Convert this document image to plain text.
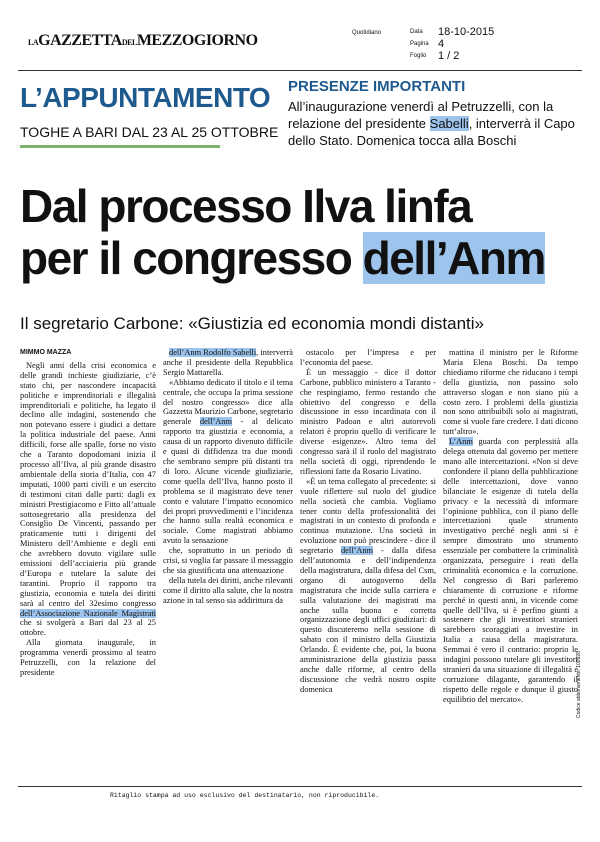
LAGAZZETTADELMEZZOGIORNO	Quotidiano	Data	18-10-2015
Pagina 4
Foglio	1 / 2
L’APPUNTAMENTO
TOGHE A BARI DAL 23 AL 25 OTTOBRE
PRESENZE IMPORTANTI
All’inaugurazione venerdì al Petruzzelli, con la relazione del presidente Sabelli, interverrà il Capo dello Stato. Domenica tocca alla Boschi
Dal processo Ilva linfa
per il congresso dell’Anm
Il segretario Carbone: «Giustizia ed economia mondi distanti»

MIMMO MAZZA

Negli anni della crisi economica e delle grandi inchieste giudiziarie, c’è stato chi, per nascondere incapacità politiche e imprenditoriali e illegalità imprenditoriali e politiche, ha legato il declino alle indagini, sostenendo che non potevano essere i giudici a dettare la politica industriale del paese. Anni difficili, forse alle spalle, forse no visto che a Taranto dopodomani inizia il processo all’Ilva, al più grande disastro ambientale della storia d’Italia, con 47 imputati, 1000 parti civili e un esercito di testimoni citati dalle parti: dagli ex ministri Prestigiacomo e Fitto all’attuale sottosegretario alla presidenza del Consiglio De Vincenti, passando per praticamente tutti i dirigenti del Ministero dell’Ambiente e degli enti che avrebbero dovuto vigilare sulle emissioni dell’acciaieria più grande d’Europa e tutelare la salute dei tarantini. Proprio il rapporto tra giustizia, economia e tutela dei diritti sarà al centro del 32esimo congresso dell’Associazione Nazionale Magistrati che si svolgerà a Bari dal 23 al 25 ottobre.

Alla giornata inaugurale, in programma venerdì prossimo al teatro Petruzzelli, con la relazione del presidente

dell’Anm Rodolfo Sabelli, interverrà anche il presidente della Repubblica Sergio Mattarella.

«Abbiamo dedicato il titolo e il tema centrale, che occupa la prima sessione del nostro congresso» dice alla Gazzetta Maurizio Carbone, segretario generale dell’Anm - al delicato rapporto tra giustizia e economia, a causa di un rapporto divenuto difficile e quasi di diffidenza tra due mondi che sembrano sempre più distanti tra di loro. Alcune vicende giudiziarie, come quella dell’Ilva, hanno posto il problema se il magistrato deve tener conto e valutare l’impatto economico dei propri provvedimenti e l’incidenza che hanno sulla realtà economica e sociale. Come magistrati abbiamo avuto la sensazione

che, soprattutto in un periodo di crisi, si voglia far passare il messaggio che sia giustificata una attenuazione

della tutela dei diritti, anche rilevanti come il diritto alla salute, che la nostra azione in tal senso sia addirittura da

ostacolo per l’impresa e per l’economia del paese.

È un messaggio - dice il dottor Carbone, pubblico ministero a Taranto - che respingiamo, fermo restando che obiettivo del congresso e della discussione in esso incardinata con il ministro Padoan e altri autorevoli relatori è proprio quello di verificare le diverse esigenze». Altro tema del congresso sarà il il ruolo del magistrato nella società di oggi, riprendendo le riflessioni fatte da Rosario Livatino.

«È un tema collegato al precedente: si vuole riflettere sul ruolo del giudice nella società che cambia. Vogliamo tener conto della professionalità dei magistrati in un contesto di profonda e continua mutazione. Una società in evoluzione non può prescindere - dice il segretario dell’Anm - dalla difesa dell’autonomia e dell’indipendenza della magistratura, dalla difesa del Csm, organo di autogoverno della magistratura che incide sulla carriera e sulla valutazione dei magistrati ma anche sulla buona e corretta organizzazione degli uffici giudiziari: di questo discuteremo nella sessione di sabato con il ministro della Giustizia Orlando. È evidente che, poi, la buona amministrazione della giustizia passa anche dalle riforme, al centro della discussione che vedrà nostro ospite domenica

mattina il ministro per le Riforme Maria Elena Boschi. Da tempo chiediamo riforme che riducano i tempi della giustizia, non passino solo attraverso slogan e non siano più a costo zero. I problemi della giustizia non sono attribuibili solo ai magistrati, come si vuole fare credere. I dati dicono tutt’altro».

L’Anm guarda con perplessità alla delega ottenuta dal governo per mettere mano alle intercettazioni. «Non si deve confondere il piano della pubblicazione delle intercettazioni, dove vanno bilanciate le esigenze di tutela della privacy e la necessità di informare l’opinione pubblica, con il piano delle intercettazioni quale strumento investigativo perché negli anni si è sempre dimostrato uno strumento essenziale per combattere la criminalità organizzata, perseguire i reati della criminalità economica e la corruzione. Nel congresso di Bari parleremo chiaramente di corruzione e riforme perché in questi anni, in vicende come quelle dell’Ilva, si è perfino giunti a sostenere che gli investitori stranieri sarebbero scoraggiati a investire in Italia a causa della magistratura. Semmai è vero il contrario: proprio le indagini possono tutelare gli investitori stranieri da una situazione di illegalità e corruzione dilagante, garantendo il rispetto delle regole e dunque il giusto equilibrio del mercato».

Ritaglio stampa ad uso esclusivo del destinatario, non riproducibile.
Codice abbonamento: 102628
